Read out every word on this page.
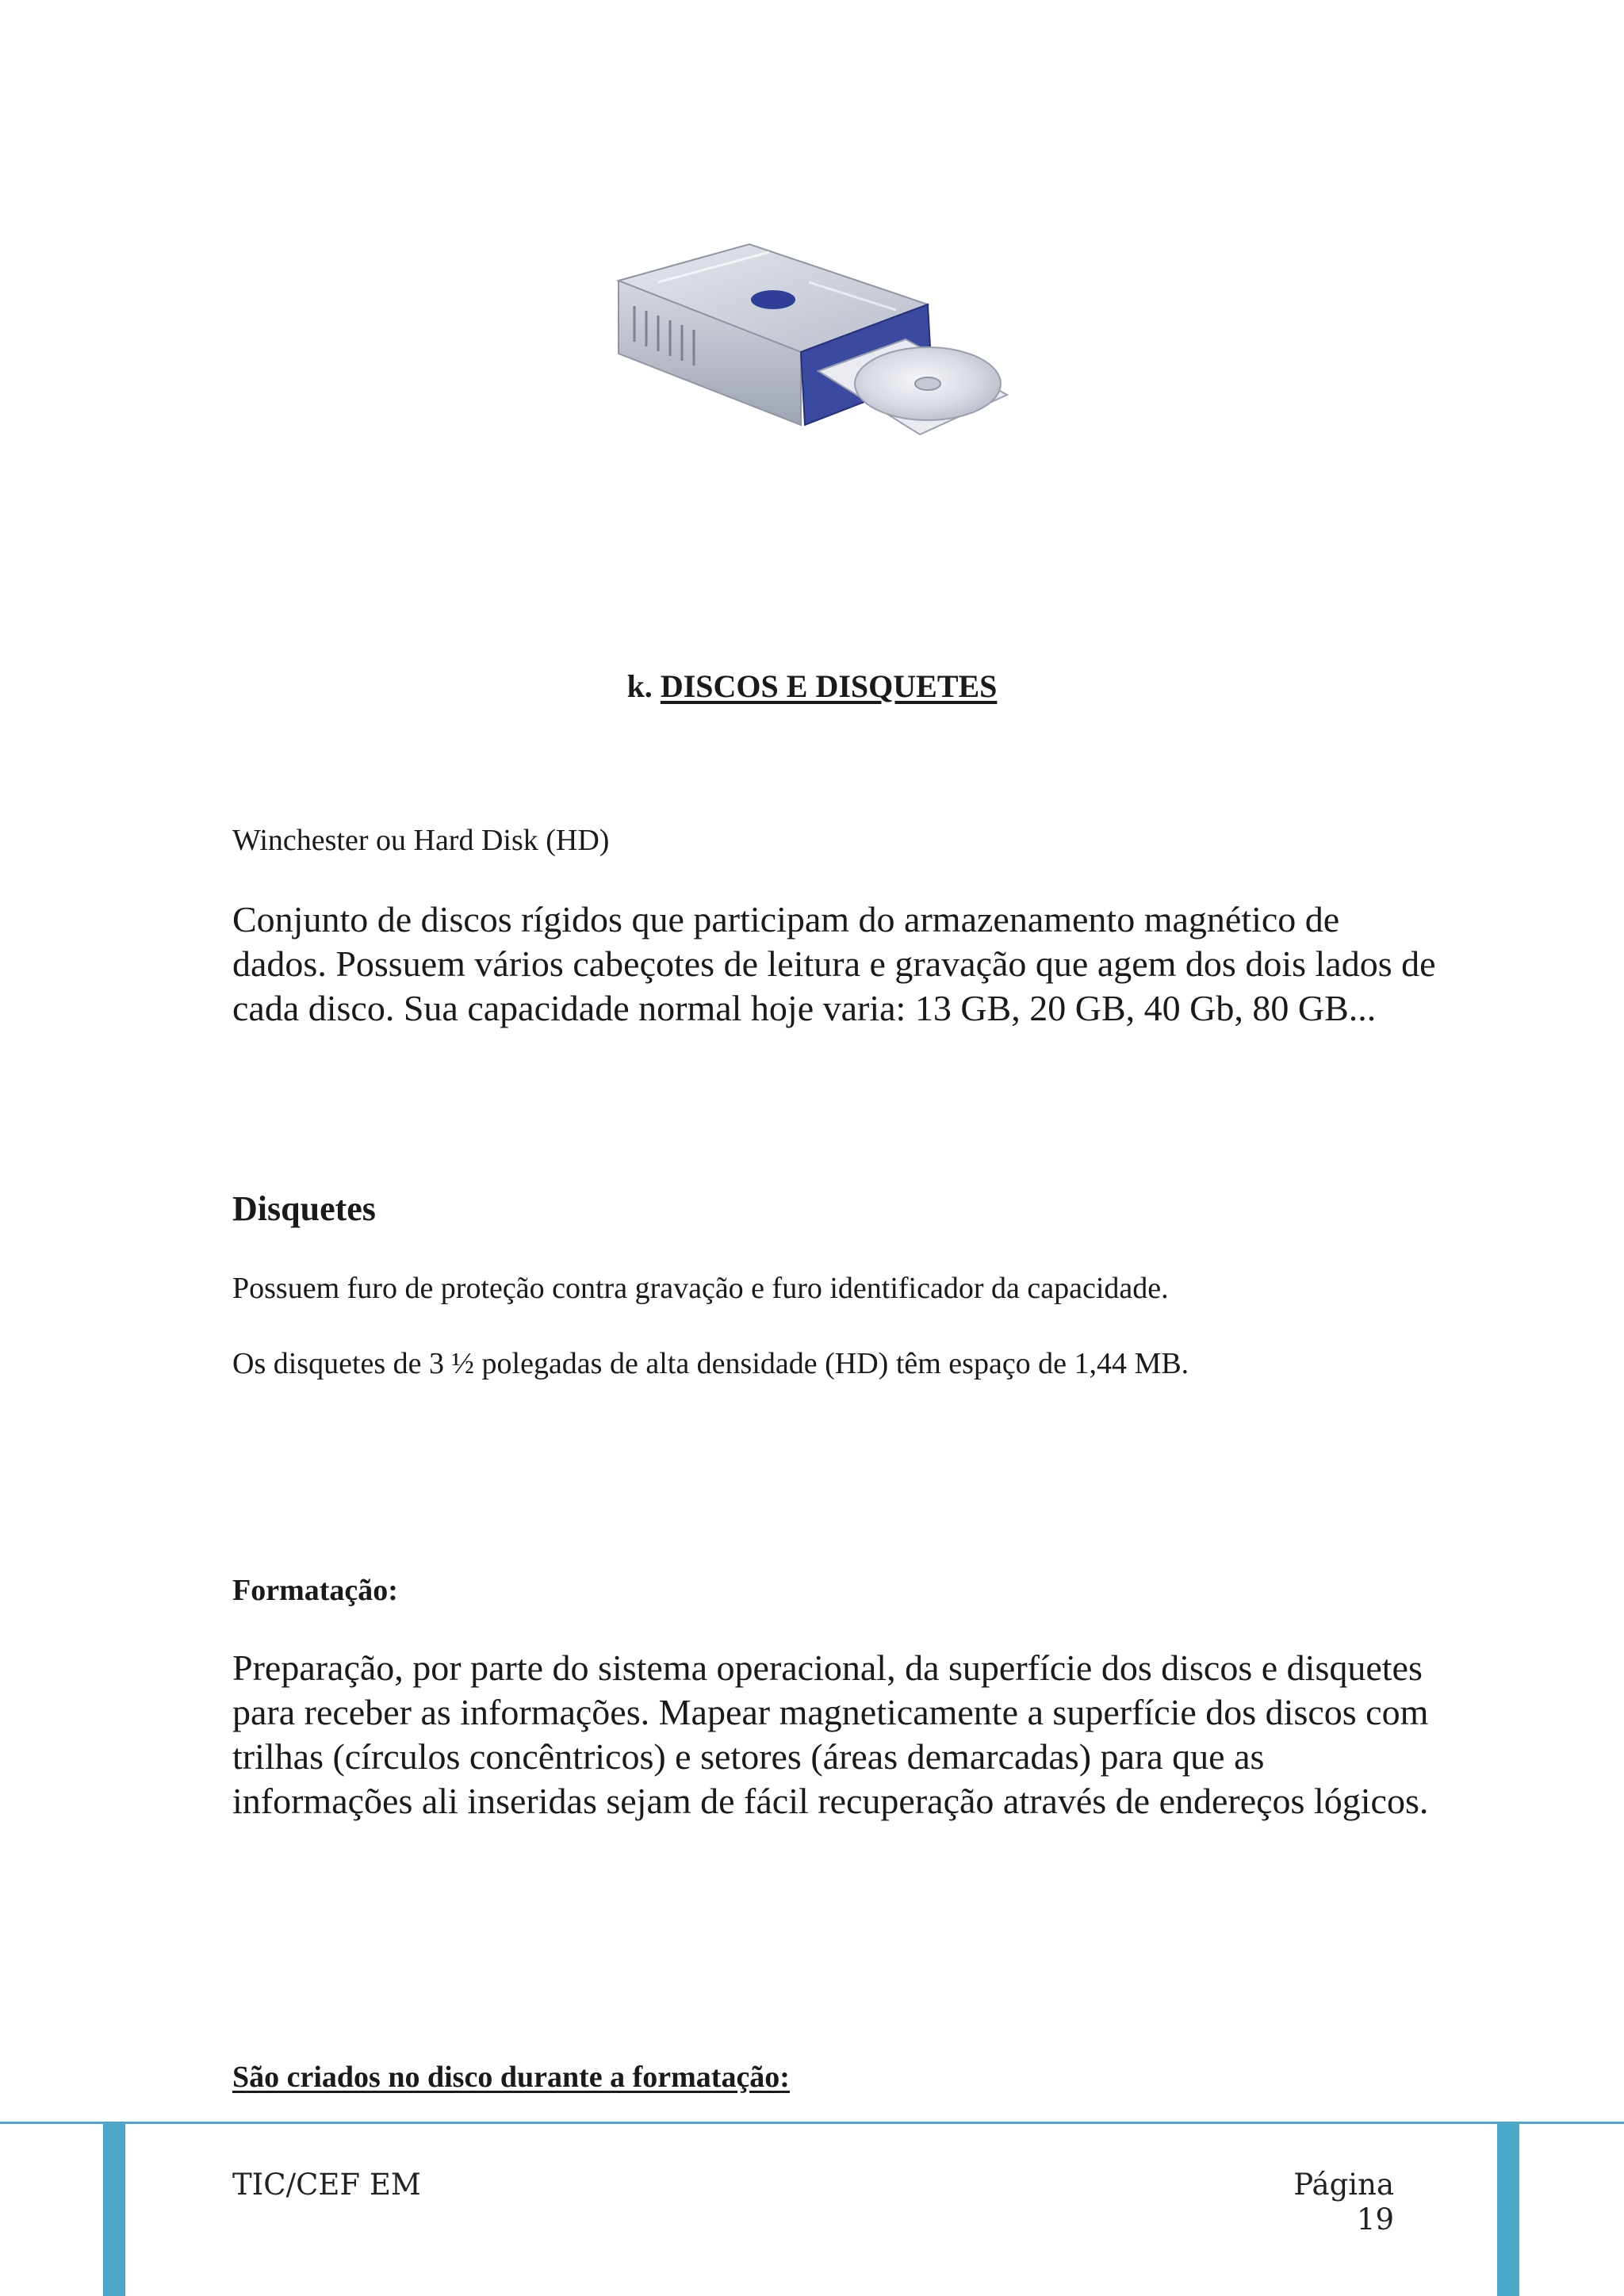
k. DISCOS E DISQUETES
Winchester ou Hard Disk (HD)
Conjunto de discos rígidos que participam do armazenamento magnético de dados. Possuem vários cabeçotes de leitura e gravação que agem dos dois lados de cada disco. Sua capacidade normal hoje varia: 13 GB, 20 GB, 40 Gb, 80 GB...
Disquetes
Possuem furo de proteção contra gravação e furo identificador da capacidade.
Os disquetes de 3 ½ polegadas de alta densidade (HD) têm espaço de 1,44 MB.
Formatação:
Preparação, por parte do sistema operacional, da superfície dos discos e disquetes para receber as informações. Mapear magneticamente a superfície dos discos com trilhas (círculos concêntricos) e setores (áreas demarcadas) para que as informações ali inseridas sejam de fácil recuperação através de endereços lógicos.
São criados no disco durante a formatação:
TIC/CEF EM	Página 19
